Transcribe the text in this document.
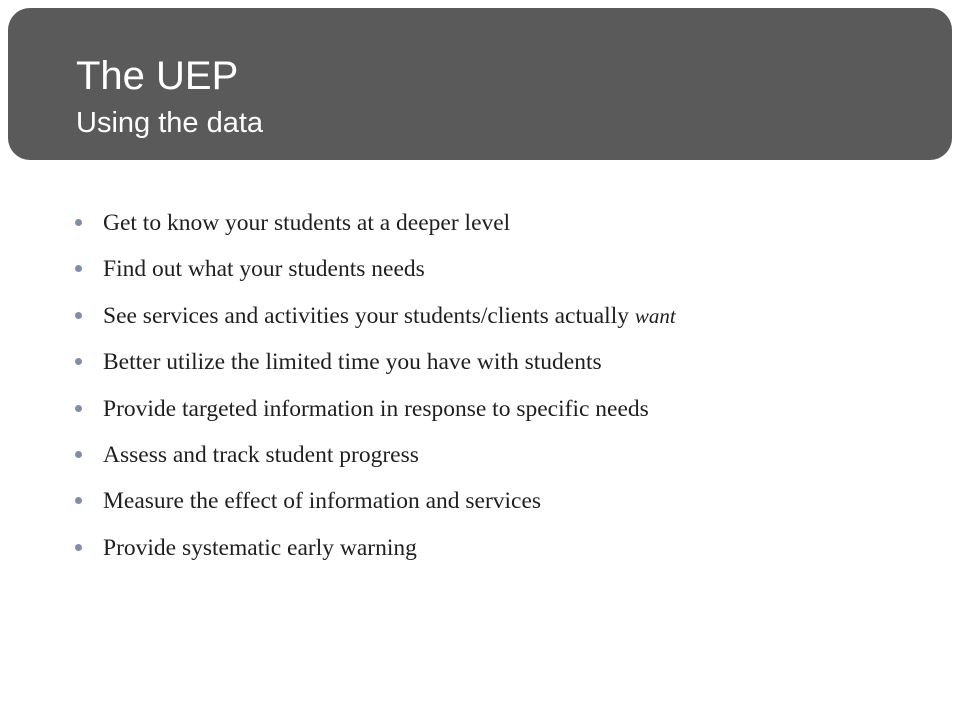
The UEP
Using the data
Get to know your students at a deeper level
Find out what your students needs
See services and activities your students/clients actually want
Better utilize the limited time you have with students
Provide targeted information in response to specific needs
Assess and track student progress
Measure the effect of information and services
Provide systematic early warning
